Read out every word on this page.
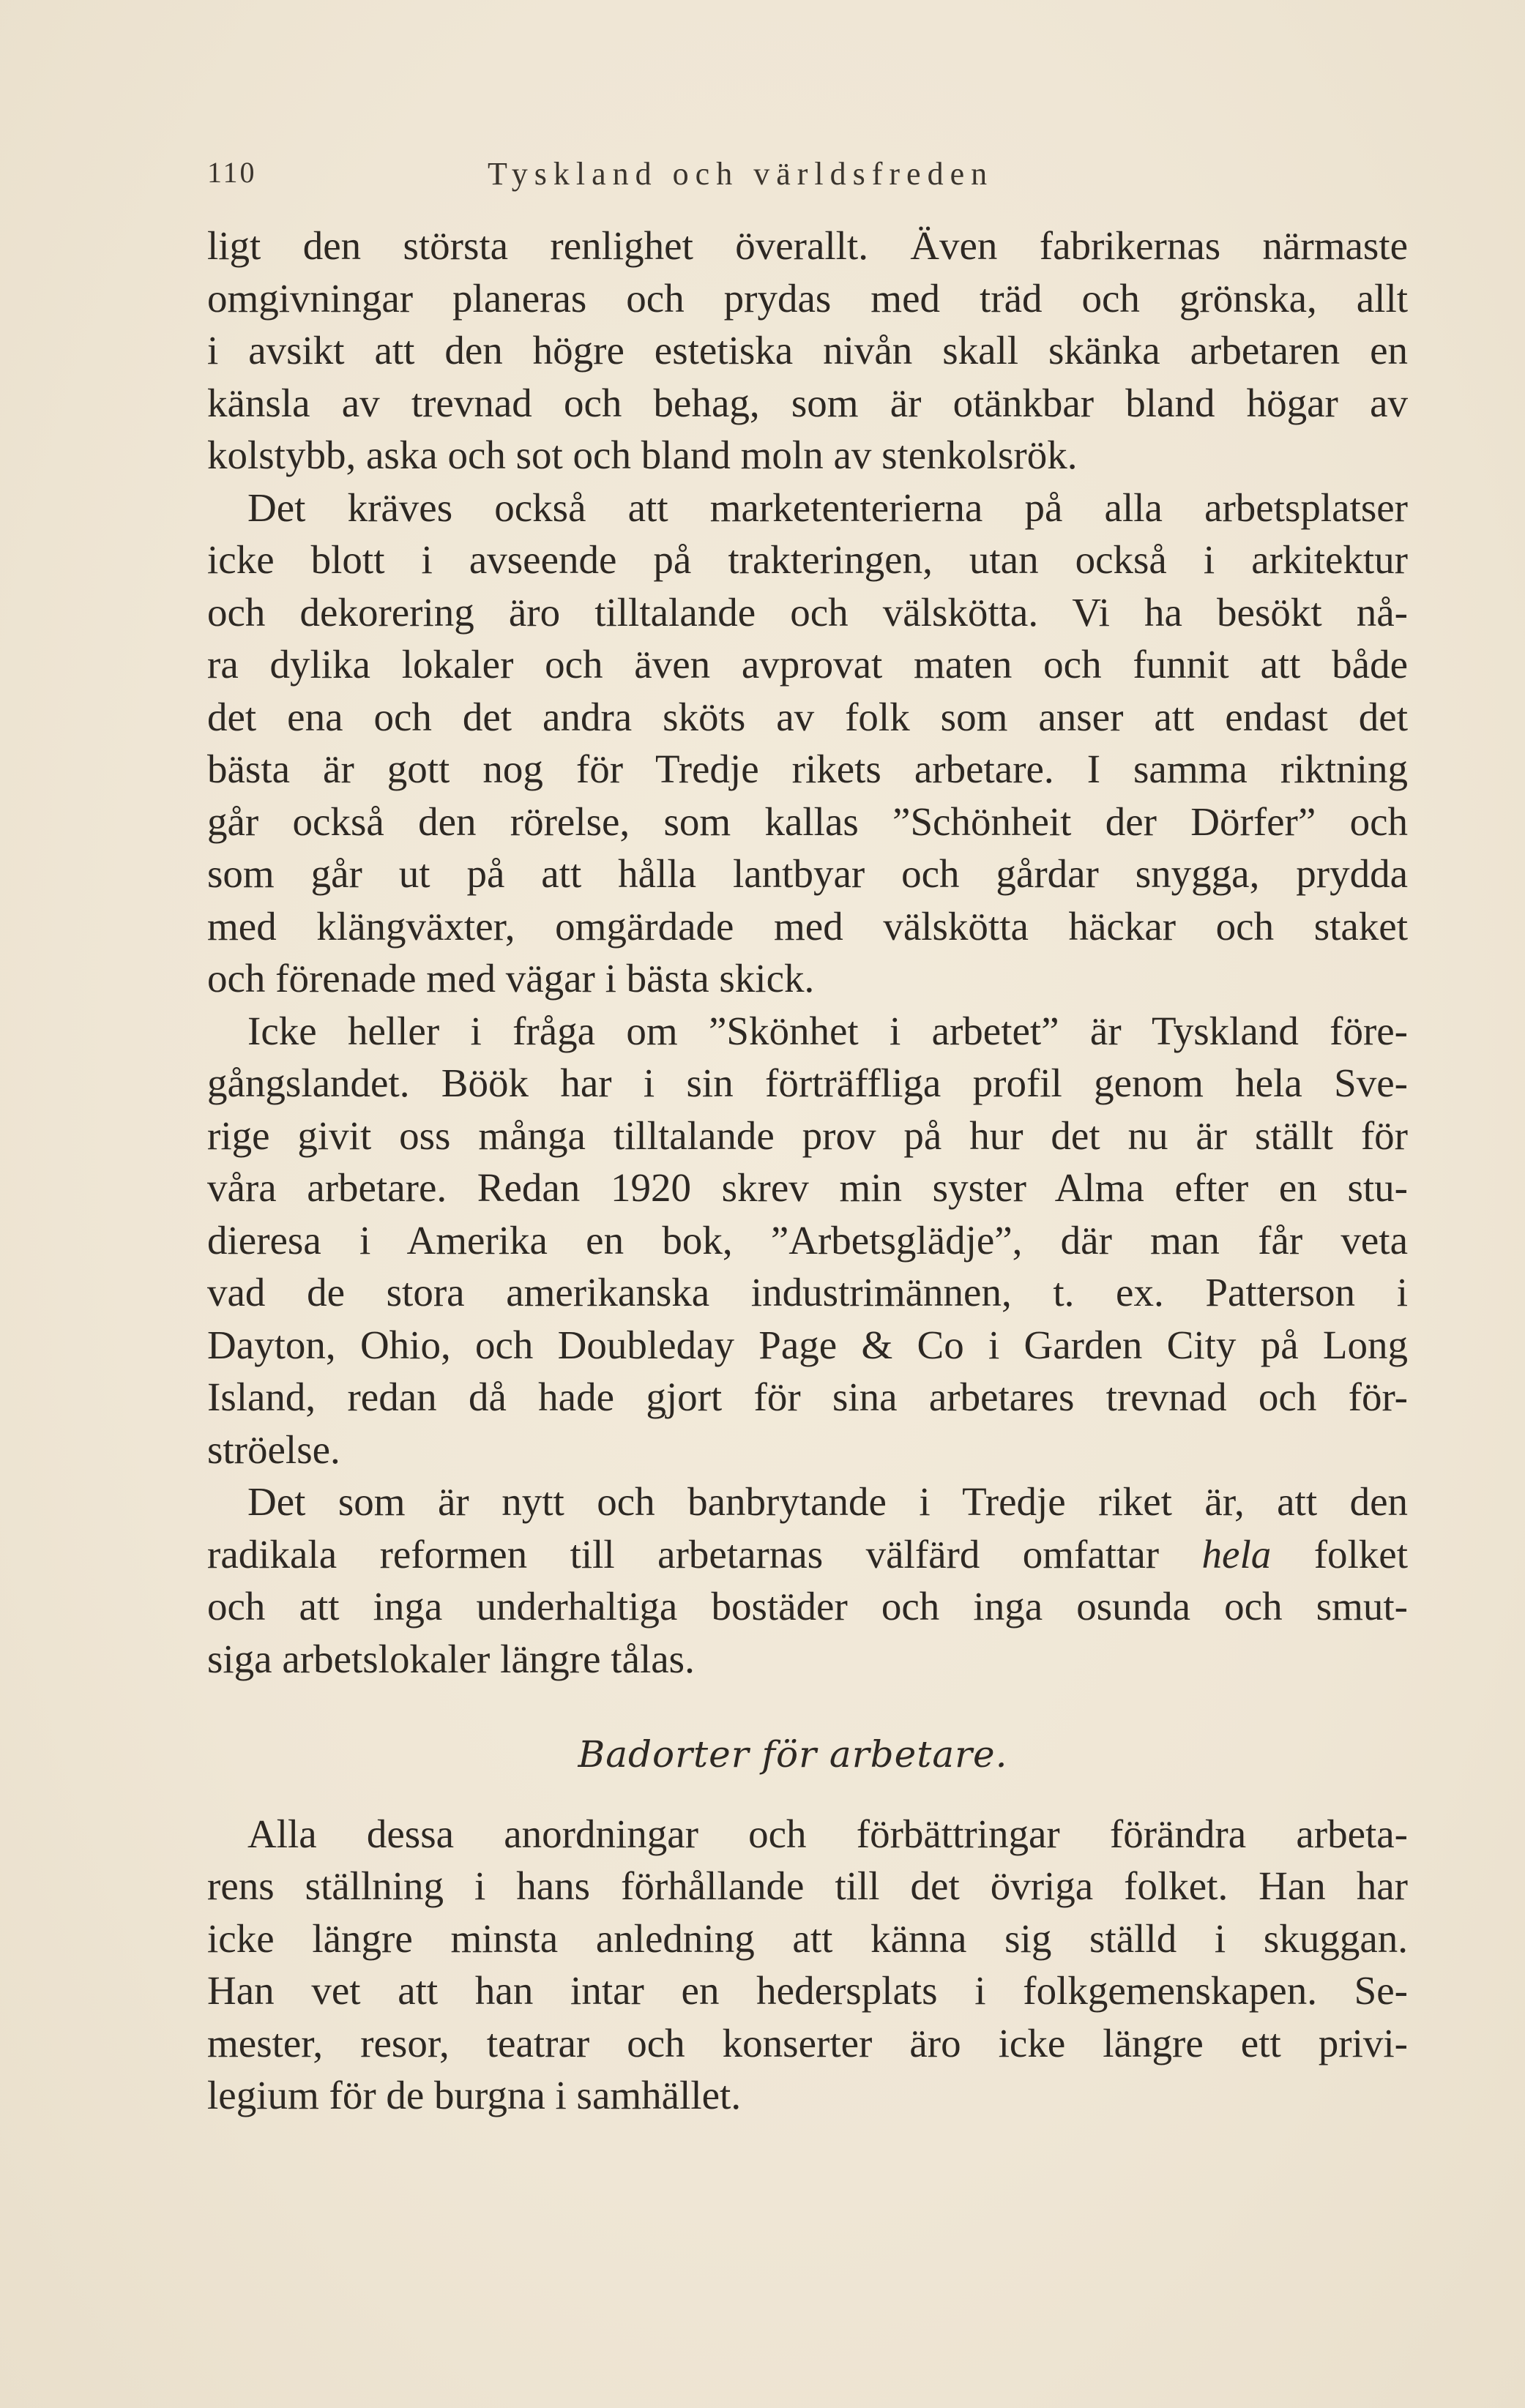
110	Tyskland och världsfreden
ligt den största renlighet överallt. Även fabrikernas närmaste
omgivningar planeras och prydas med träd och grönska, allt
i avsikt att den högre estetiska nivån skall skänka arbetaren en
känsla av trevnad och behag, som är otänkbar bland högar av
kolstybb, aska och sot och bland moln av stenkolsrök.
Det kräves också att marketenterierna på alla arbetsplatser
icke blott i avseende på trakteringen, utan också i arkitektur
och dekorering äro tilltalande och välskötta. Vi ha besökt nå-
ra dylika lokaler och även avprovat maten och funnit att både
det ena och det andra sköts av folk som anser att endast det
bästa är gott nog för Tredje rikets arbetare. I samma riktning
går också den rörelse, som kallas ”Schönheit der Dörfer” och
som går ut på att hålla lantbyar och gårdar snygga, prydda
med klängväxter, omgärdade med välskötta häckar och staket
och förenade med vägar i bästa skick.
Icke heller i fråga om ”Skönhet i arbetet” är Tyskland före-
gångslandet. Böök har i sin förträffliga profil genom hela Sve-
rige givit oss många tilltalande prov på hur det nu är ställt för
våra arbetare. Redan 1920 skrev min syster Alma efter en stu-
dieresa i Amerika en bok, ”Arbetsglädje”, där man får veta
vad de stora amerikanska industrimännen, t. ex. Patterson i
Dayton, Ohio, och Doubleday Page & Co i Garden City på Long
Island, redan då hade gjort för sina arbetares trevnad och för-
ströelse.
Det som är nytt och banbrytande i Tredje riket är, att den
radikala reformen till arbetarnas välfärd omfattar hela folket
och att inga underhaltiga bostäder och inga osunda och smut-
siga arbetslokaler längre tålas.
Badorter för arbetare.
Alla dessa anordningar och förbättringar förändra arbeta-
rens ställning i hans förhållande till det övriga folket. Han har
icke längre minsta anledning att känna sig ställd i skuggan.
Han vet att han intar en hedersplats i folkgemenskapen. Se-
mester, resor, teatrar och konserter äro icke längre ett privi-
legium för de burgna i samhället.
